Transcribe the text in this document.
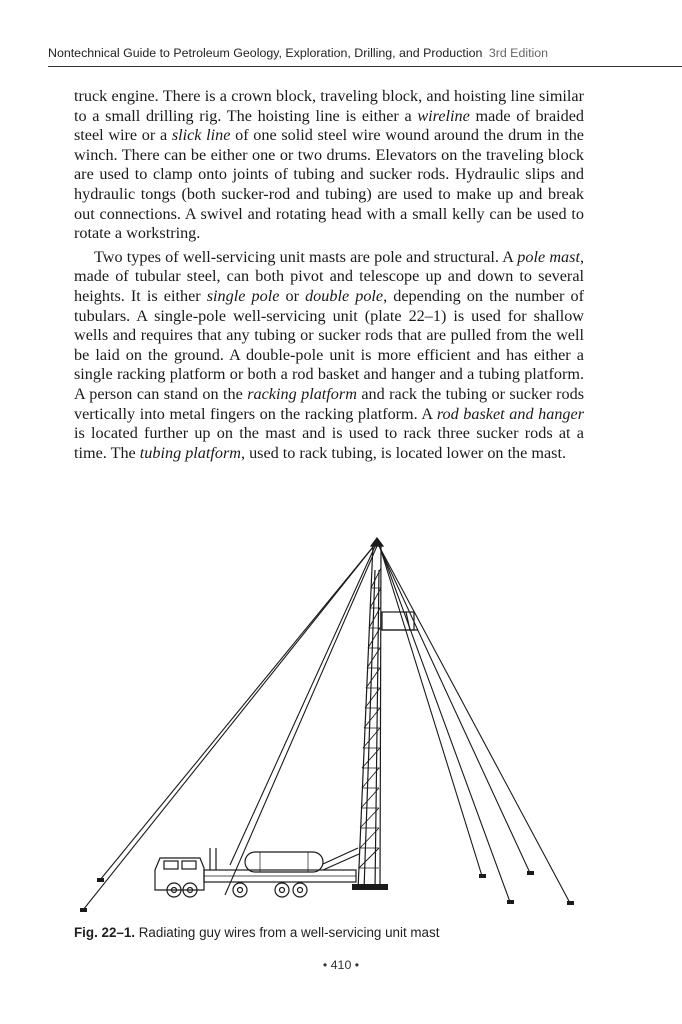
Nontechnical Guide to Petroleum Geology, Exploration, Drilling, and Production 3rd Edition

truck engine. There is a crown block, traveling block, and hoisting line similar to a small drilling rig. The hoisting line is either a wireline made of braided steel wire or a slick line of one solid steel wire wound around the drum in the winch. There can be either one or two drums. Elevators on the traveling block are used to clamp onto joints of tubing and sucker rods. Hydraulic slips and hydraulic tongs (both sucker-rod and tubing) are used to make up and break out connections. A swivel and rotating head with a small kelly can be used to rotate a workstring.

Two types of well-servicing unit masts are pole and structural. A pole mast, made of tubular steel, can both pivot and telescope up and down to several heights. It is either single pole or double pole, depending on the number of tubulars. A single-pole well-servicing unit (plate 22–1) is used for shallow wells and requires that any tubing or sucker rods that are pulled from the well be laid on the ground. A double-pole unit is more efficient and has either a single racking platform or both a rod basket and hanger and a tubing platform. A person can stand on the racking platform and rack the tubing or sucker rods vertically into metal fingers on the racking platform. A rod basket and hanger is located further up on the mast and is used to rack three sucker rods at a time. The tubing platform, used to rack tubing, is located lower on the mast.

Fig. 22–1. Radiating guy wires from a well-servicing unit mast
• 410 •
